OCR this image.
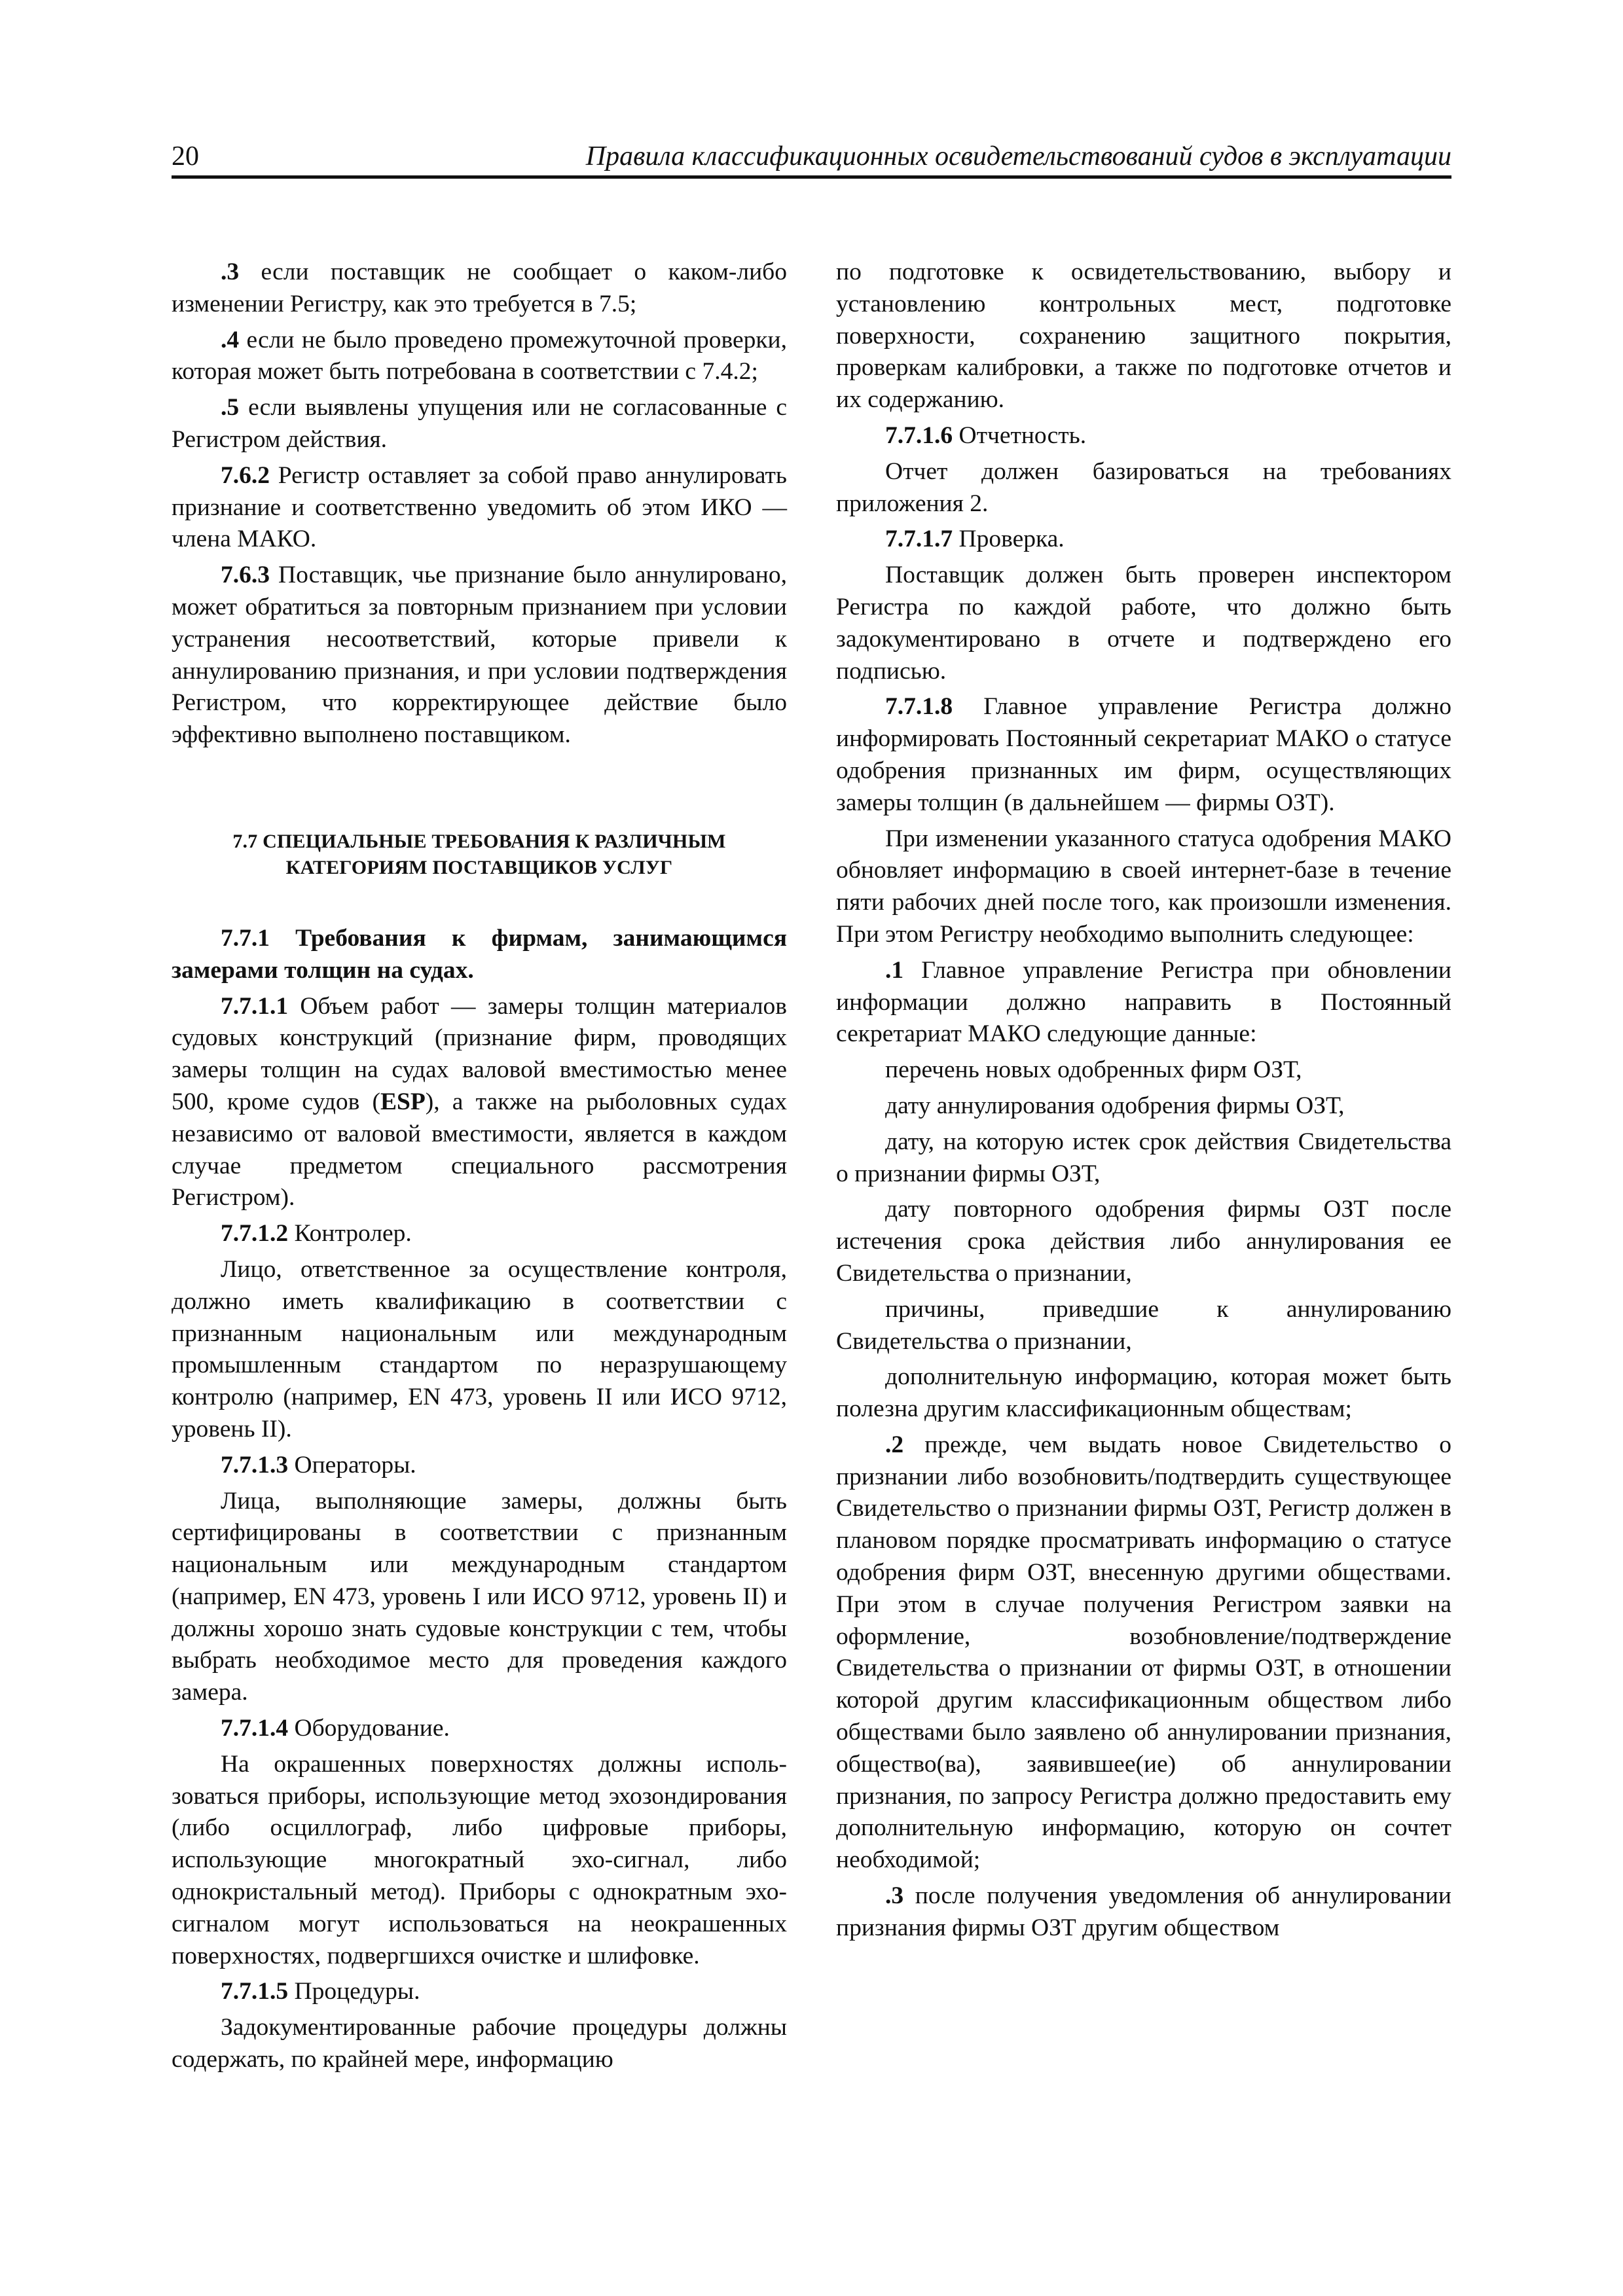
20	Правила классификационных освидетельствований судов в эксплуатации

.3 если поставщик не сообщает о каком-либо изменении Регистру, как это требуется в 7.5;

.4 если не было проведено промежуточной проверки, которая может быть потребована в соответствии с 7.4.2;

.5 если выявлены упущения или не согласованные с Регистром действия.

7.6.2 Регистр оставляет за собой право аннулировать признание и соответственно уведомить об этом ИКО — члена МАКО.

7.6.3 Поставщик, чье признание было аннулировано, может обратиться за повторным признанием при условии устранения несоответствий, которые привели к аннулированию признания, и при условии подтверждения Регистром, что корректирующее действие было эффективно выполнено поставщиком.

7.7 СПЕЦИАЛЬНЫЕ ТРЕБОВАНИЯ К РАЗЛИЧНЫМ
КАТЕГОРИЯМ ПОСТАВЩИКОВ УСЛУГ

7.7.1 Требования к фирмам, занимающимся замерами толщин на судах.

7.7.1.1 Объем работ — замеры толщин материалов судовых конструкций (признание фирм, проводящих замеры толщин на судах валовой вместимостью менее 500, кроме судов (ESP), а также на рыболовных судах независимо от валовой вместимости, является в каждом случае предметом специального рассмотрения Регистром).

7.7.1.2 Контролер.

Лицо, ответственное за осуществление контроля, должно иметь квалификацию в соответствии с признанным национальным или международным промышленным стандартом по неразрушающему контролю (например, EN 473, уровень II или ИСО 9712, уровень II).

7.7.1.3 Операторы.

Лица, выполняющие замеры, должны быть сертифицированы в соответствии с признанным национальным или международным стандартом (например, EN 473, уровень I или ИСО 9712, уровень II) и должны хорошо знать судовые конструкции с тем, чтобы выбрать необходимое место для проведения каждого замера.

7.7.1.4 Оборудование.

На окрашенных поверхностях должны использоваться приборы, использующие метод эхозондирования (либо осциллограф, либо цифровые приборы, использующие многократный эхо-сигнал, либо однокристальный метод). Приборы с однократным эхосигналом могут использоваться на неокрашенных поверхностях, подвергшихся очистке и шлифовке.

7.7.1.5 Процедуры.

Задокументированные рабочие процедуры должны содержать, по крайней мере, информацию

по подготовке к освидетельствованию, выбору и установлению контрольных мест, подготовке поверхности, сохранению защитного покрытия, проверкам калибровки, а также по подготовке отчетов и их содержанию.

7.7.1.6 Отчетность.

Отчет должен базироваться на требованиях приложения 2.

7.7.1.7 Проверка.

Поставщик должен быть проверен инспектором Регистра по каждой работе, что должно быть задокументировано в отчете и подтверждено его подписью.

7.7.1.8 Главное управление Регистра должно информировать Постоянный секретариат МАКО о статусе одобрения признанных им фирм, осуществляющих замеры толщин (в дальнейшем — фирмы ОЗТ).

При изменении указанного статуса одобрения МАКО обновляет информацию в своей интернет-базе в течение пяти рабочих дней после того, как произошли изменения. При этом Регистру необходимо выполнить следующее:

.1 Главное управление Регистра при обновлении информации должно направить в Постоянный секретариат МАКО следующие данные:

перечень новых одобренных фирм ОЗТ,

дату аннулирования одобрения фирмы ОЗТ,

дату, на которую истек срок действия Свидетельства о признании фирмы ОЗТ,

дату повторного одобрения фирмы ОЗТ после истечения срока действия либо аннулирования ее Свидетельства о признании,

причины, приведшие к аннулированию Свидетельства о признании,

дополнительную информацию, которая может быть полезна другим классификационным обществам;

.2 прежде, чем выдать новое Свидетельство о признании либо возобновить/подтвердить существующее Свидетельство о признании фирмы ОЗТ, Регистр должен в плановом порядке просматривать информацию о статусе одобрения фирм ОЗТ, внесенную другими обществами. При этом в случае получения Регистром заявки на оформление, возобновление/подтверждение Свидетельства о признании от фирмы ОЗТ, в отношении которой другим классификационным обществом либо обществами было заявлено об аннулировании признания, общество(ва), заявившее(ие) об аннулировании признания, по запросу Регистра должно предоставить ему дополнительную информацию, которую он сочтет необходимой;

.3 после получения уведомления об аннулировании признания фирмы ОЗТ другим обществом
